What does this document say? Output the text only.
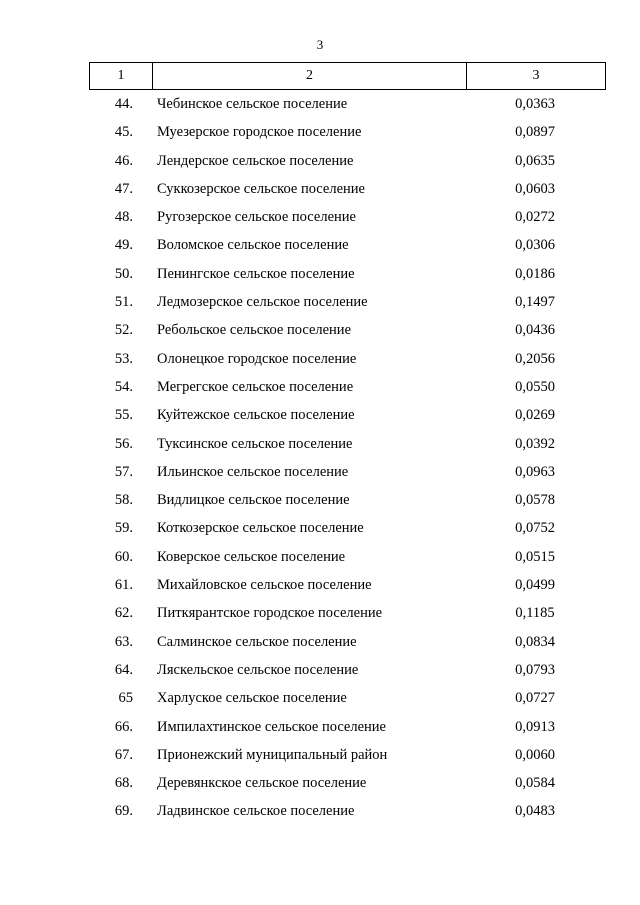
3
1	2	3
44. Чебинское сельское поселение	0,0363
45. Муезерское городское поселение	0,0897
46. Лендерское сельское поселение	0,0635
47. Суккозерское сельское поселение	0,0603
48. Ругозерское сельское поселение	0,0272
49. Воломское сельское поселение	0,0306
50. Пенингское сельское поселение	0,0186
51. Ледмозерское сельское поселение	0,1497
52. Ребольское сельское поселение	0,0436
53. Олонецкое городское поселение	0,2056
54. Мегрегское сельское поселение	0,0550
55. Куйтежское сельское поселение	0,0269
56. Туксинское сельское поселение	0,0392
57. Ильинское сельское поселение	0,0963
58. Видлицкое сельское поселение	0,0578
59. Коткозерское сельское поселение	0,0752
60. Коверское сельское поселение	0,0515
61. Михайловское сельское поселение	0,0499
62. Питкярантское городское поселение	0,1185
63. Салминское сельское поселение	0,0834
64. Ляскельское сельское поселение	0,0793
65 Харлуское сельское поселение	0,0727
66. Импилахтинское сельское поселение	0,0913
67. Прионежский муниципальный район	0,0060
68. Деревянкское сельское поселение	0,0584
69. Ладвинское сельское поселение	0,0483
